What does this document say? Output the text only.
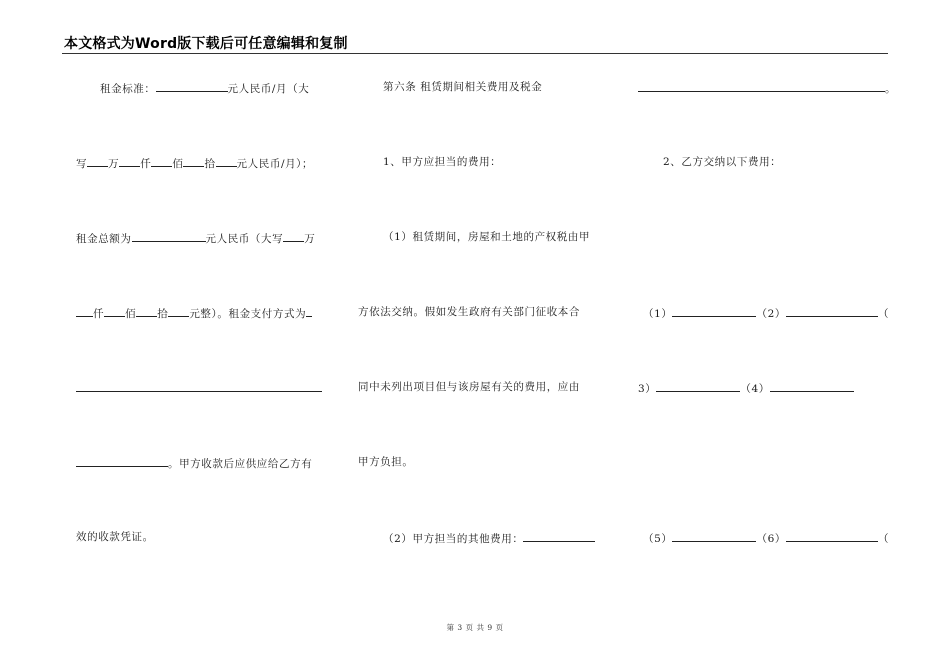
本文格式为Word版下载后可任意编辑和复制
租金标准：	元人民币/月（大
写 万 仟 佰 拾 元人民币/月）；
租金总额为	元人民币（大写 万
仟 佰 拾 元整）。租金支付方式为
。甲方收款后应供应给乙方有
效的收款凭证。
第六条 租赁期间相关费用及税金
1、甲方应担当的费用：
（1）租赁期间，房屋和土地的产权税由甲
方依法交纳。假如发生政府有关部门征收本合
同中未列出项目但与该房屋有关的费用，应由
甲方负担。
（2）甲方担当的其他费用：
。
2、乙方交纳以下费用：
（1）	（2）	（
3）	（4）
（5）	（6）	（
第 3 页 共 9 页
